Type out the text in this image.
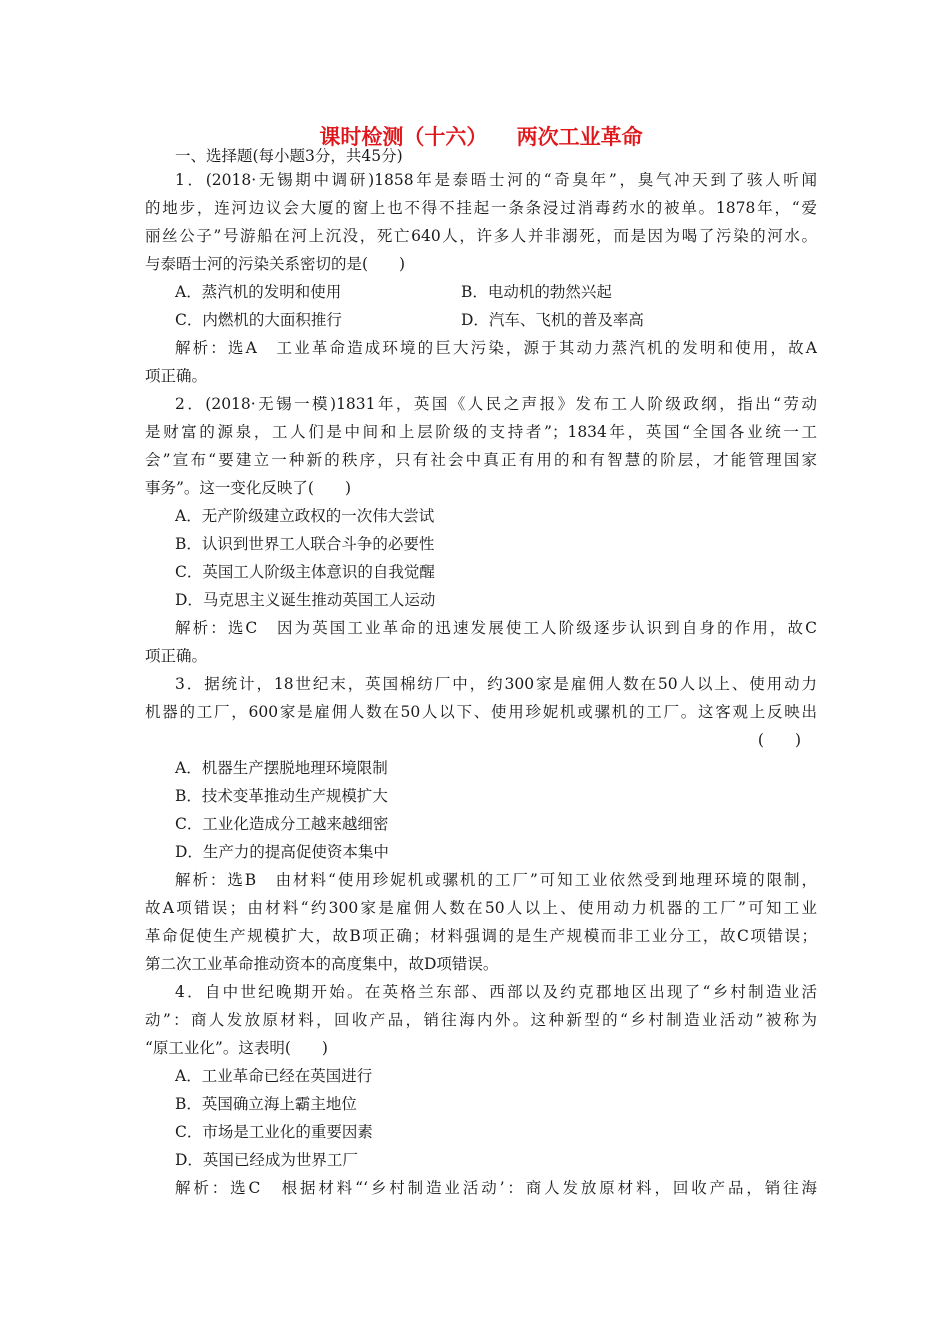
课时检测（十六）    两次工业革命
一、选择题(每小题3分，共45分)
1．(2018·无锡期中调研)1858年是泰晤士河的“奇臭年”，臭气冲天到了骇人听闻
的地步，连河边议会大厦的窗上也不得不挂起一条条浸过消毒药水的被单。1878年，“爱
丽丝公子”号游船在河上沉没，死亡640人，许多人并非溺死，而是因为喝了污染的河水。
与泰晤士河的污染关系密切的是(　　)
A．蒸汽机的发明和使用	B．电动机的勃然兴起
C．内燃机的大面积推行	D．汽车、飞机的普及率高
解析：选A　工业革命造成环境的巨大污染，源于其动力蒸汽机的发明和使用，故A
项正确。
2．(2018·无锡一模)1831年，英国《人民之声报》发布工人阶级政纲，指出“劳动
是财富的源泉，工人们是中间和上层阶级的支持者”；1834年，英国“全国各业统一工
会”宣布“要建立一种新的秩序，只有社会中真正有用的和有智慧的阶层，才能管理国家
事务”。这一变化反映了(　　)
A．无产阶级建立政权的一次伟大尝试
B．认识到世界工人联合斗争的必要性
C．英国工人阶级主体意识的自我觉醒
D．马克思主义诞生推动英国工人运动
解析：选C　因为英国工业革命的迅速发展使工人阶级逐步认识到自身的作用，故C
项正确。
3．据统计，18世纪末，英国棉纺厂中，约300家是雇佣人数在50人以上、使用动力
机器的工厂，600家是雇佣人数在50人以下、使用珍妮机或骡机的工厂。这客观上反映出
(　　)
A．机器生产摆脱地理环境限制
B．技术变革推动生产规模扩大
C．工业化造成分工越来越细密
D．生产力的提高促使资本集中
解析：选B　由材料“使用珍妮机或骡机的工厂”可知工业依然受到地理环境的限制，
故A项错误；由材料“约300家是雇佣人数在50人以上、使用动力机器的工厂”可知工业
革命促使生产规模扩大，故B项正确；材料强调的是生产规模而非工业分工，故C项错误；
第二次工业革命推动资本的高度集中，故D项错误。
4．自中世纪晚期开始。在英格兰东部、西部以及约克郡地区出现了“乡村制造业活
动”：商人发放原材料，回收产品，销往海内外。这种新型的“乡村制造业活动”被称为
“原工业化”。这表明(　　)
A．工业革命已经在英国进行
B．英国确立海上霸主地位
C．市场是工业化的重要因素
D．英国已经成为世界工厂
解析：选C　根据材料“‘乡村制造业活动’：商人发放原材料，回收产品，销往海
